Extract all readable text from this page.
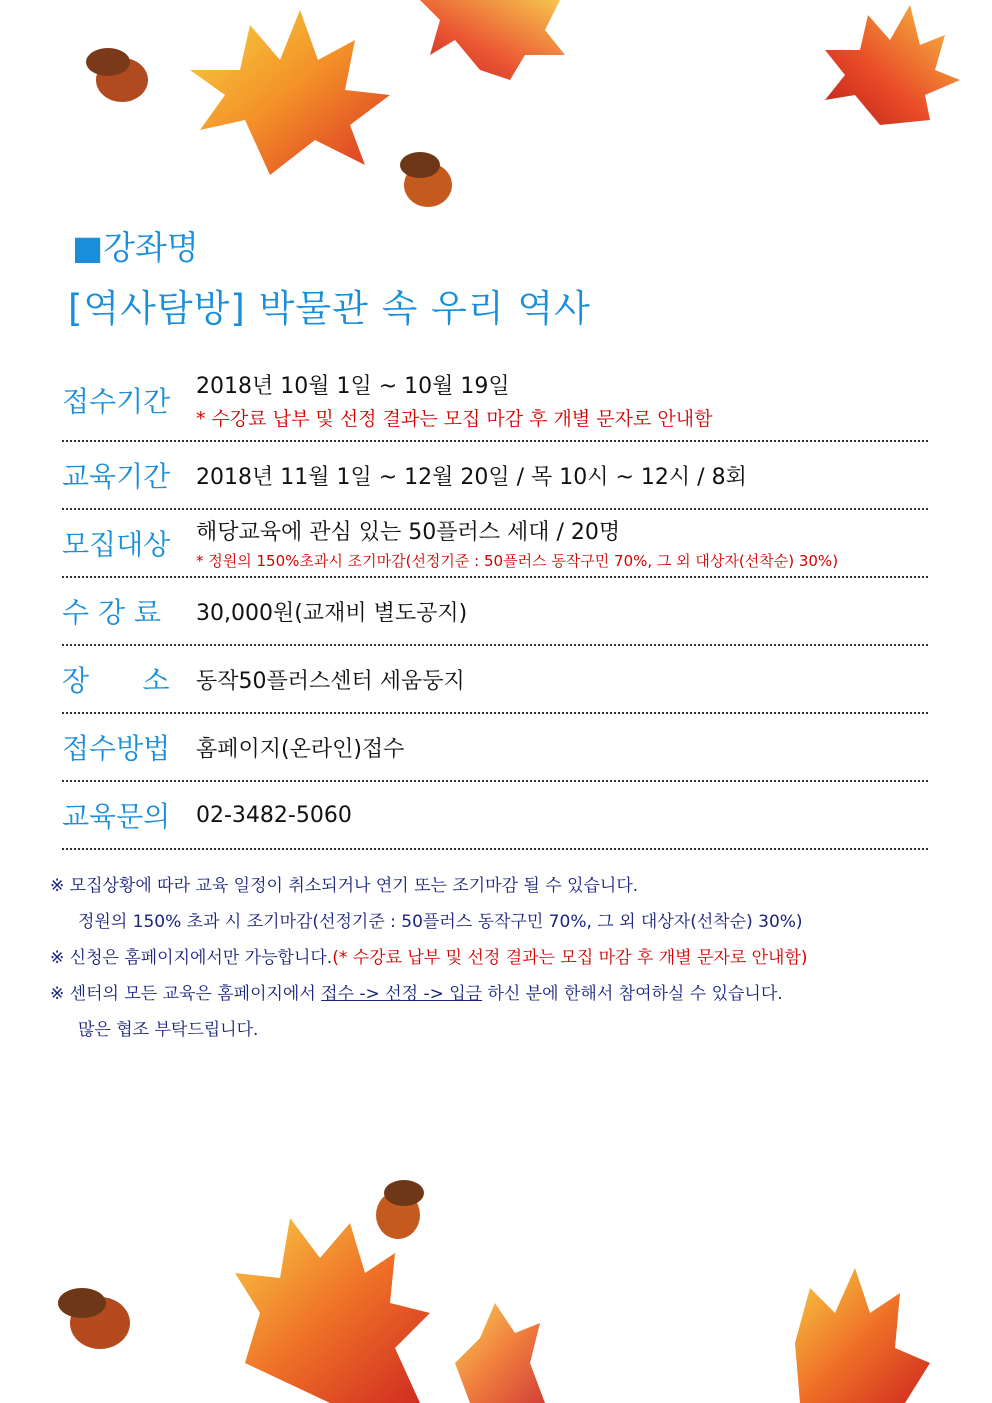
■강좌명
[역사탐방] 박물관 속 우리 역사
접수기간	2018년 10월 1일 ~ 10월 19일
* 수강료 납부 및 선정 결과는 모집 마감 후 개별 문자로 안내함
교육기간	2018년 11월 1일 ~ 12월 20일 / 목 10시 ~ 12시 / 8회
모집대상	해당교육에 관심 있는 50플러스 세대 / 20명
* 정원의 150%초과시 조기마감(선정기준 : 50플러스 동작구민 70%, 그 외 대상자(선착순) 30%)
수 강 료	30,000원(교재비 별도공지)
장      소	동작50플러스센터 세움둥지
접수방법	홈페이지(온라인)접수
교육문의	02-3482-5060
※ 모집상황에 따라 교육 일정이 취소되거나 연기 또는 조기마감 될 수 있습니다.
정원의 150% 초과 시 조기마감(선정기준 : 50플러스 동작구민 70%, 그 외 대상자(선착순) 30%)
※ 신청은 홈페이지에서만 가능합니다.(* 수강료 납부 및 선정 결과는 모집 마감 후 개별 문자로 안내함)
※ 센터의 모든 교육은 홈페이지에서 접수 -> 선정 -> 입금 하신 분에 한해서 참여하실 수 있습니다.
많은 협조 부탁드립니다.
